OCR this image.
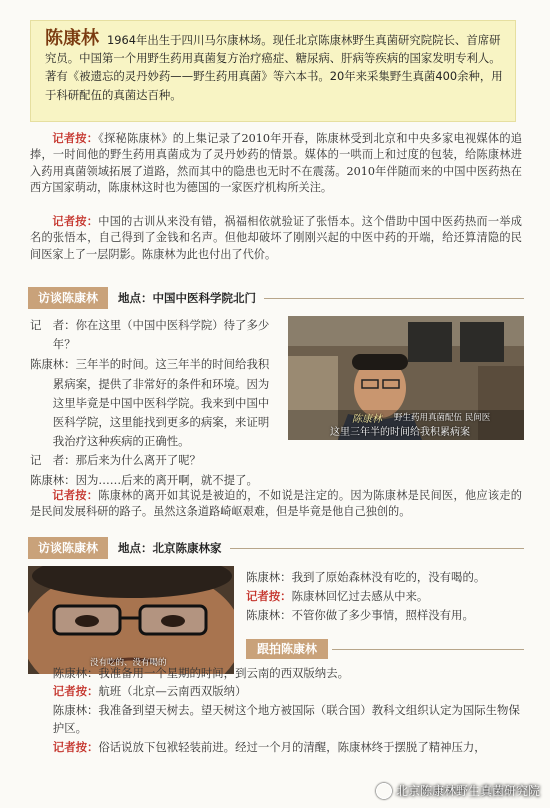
陈康林 1964年出生于四川马尔康林场。现任北京陈康林野生真菌研究院院长、首席研究员。中国第一个用野生药用真菌复方治疗癌症、糖尿病、肝病等疾病的国家发明专利人。著有《被遗忘的灵丹妙药——野生药用真菌》等六本书。20年来采集野生真菌400余种，用于科研配伍的真菌达百种。
记者按：《探秘陈康林》的上集记录了2010年开春，陈康林受到北京和中央多家电视媒体的追捧，一时间他的野生药用真菌成为了灵丹妙药的情景。媒体的一哄而上和过度的包装，给陈康林进入药用真菌领域拓展了道路，然而其中的隐患也无时不在震荡。2010年伴随而来的中国中医药热在西方国家萌动，陈康林这时也为德国的一家医疗机构所关注。
记者按：中国的古训从来没有错，祸福相依就验证了张悟本。这个借助中国中医药热而一举成名的张悟本，自己得到了金钱和名声。但他却破坏了刚刚兴起的中医中药的开端，给还算清隐的民间医家上了一层阴影。陈康林为此也付出了代价。
访谈陈康林	地点：中国中医科学院北门
记　者：你在这里（中国中医科学院）待了多少年？
陈康林：三年半的时间。这三年半的时间给我积累病案，提供了非常好的条件和环境。因为这里毕竟是中国中医科学院。我来到中国中医科学院，这里能找到更多的病案，来证明我治疗这种疾病的正确性。
记　者：那后来为什么离开了呢？
陈康林：因为……后来的离开啊，就不提了。
陈康林 野生药用真菌配伍 民间医
这里三年半的时间给我积累病案
记者按：陈康林的离开如其说是被迫的，不如说是注定的。因为陈康林是民间医，他应该走的是民间发展科研的路子。虽然这条道路崎岖艰难，但是毕竟是他自己独创的。
访谈陈康林	地点：北京陈康林家
没有吃的、没有喝的
陈康林：我到了原始森林没有吃的，没有喝的。
记者按：陈康林回忆过去感从中来。
陈康林：不管你做了多少事情，照样没有用。
跟拍陈康林
陈康林：我准备用一个星期的时间，到云南的西双版纳去。
记者按：航班（北京—云南西双版纳）
陈康林：我准备到望天树去。望天树这个地方被国际（联合国）教科文组织认定为国际生物保护区。
记者按：俗话说放下包袱轻装前进。经过一个月的清醒，陈康林终于摆脱了精神压力，
北京陈康林野生真菌研究院
